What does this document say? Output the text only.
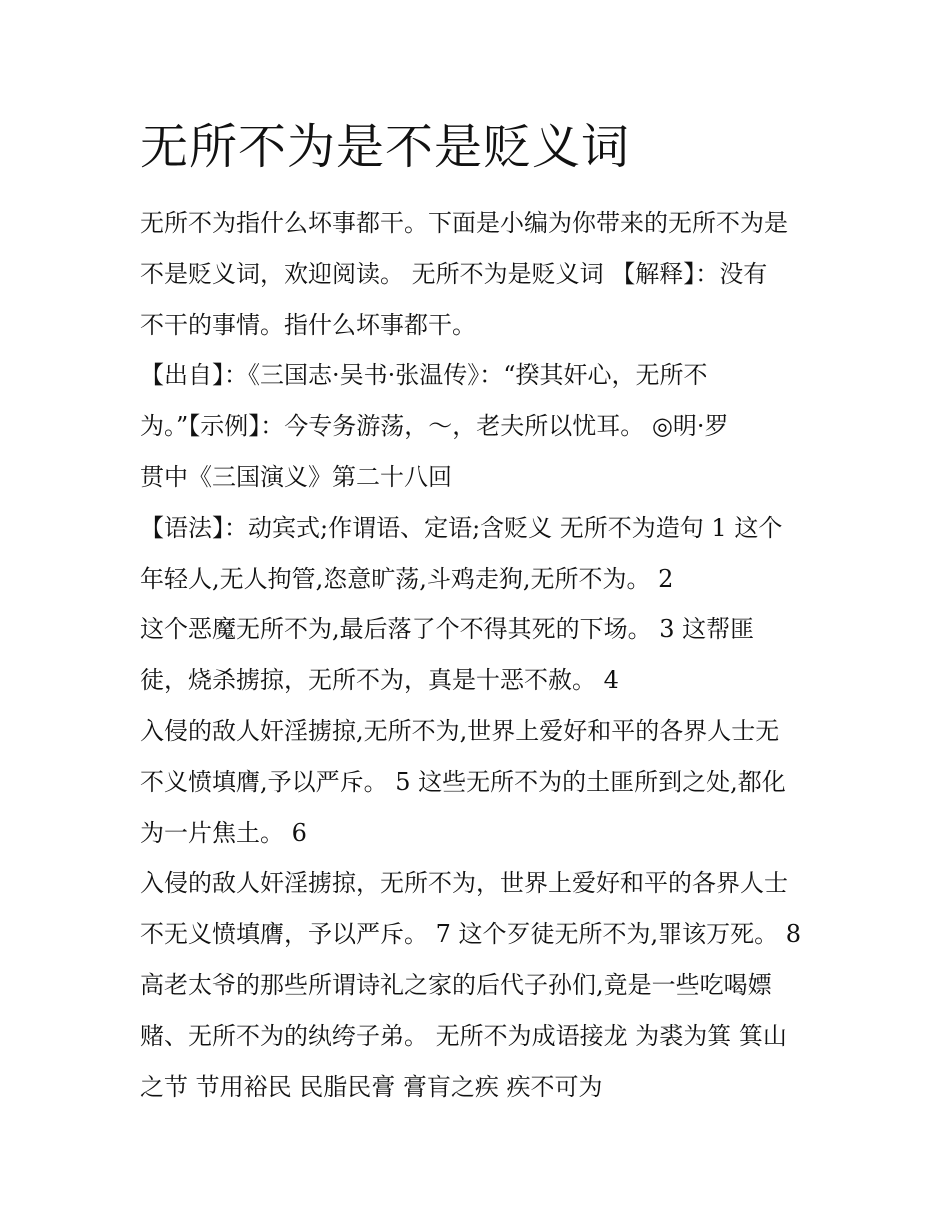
无所不为是不是贬义词
无所不为指什么坏事都干。下面是小编为你带来的无所不为是
不是贬义词，欢迎阅读。 无所不为是贬义词 【解释】：没有
不干的事情。指什么坏事都干。
【出自】：《三国志·吴书·张温传》：“揆其奸心，无所不
为。”【示例】：今专务游荡，～，老夫所以忧耳。 ◎明·罗
贯中《三国演义》第二十八回
【语法】：动宾式;作谓语、定语;含贬义 无所不为造句 1 这个
年轻人,无人拘管,恣意旷荡,斗鸡走狗,无所不为。 2
这个恶魔无所不为,最后落了个不得其死的下场。 3 这帮匪
徒，烧杀掳掠，无所不为，真是十恶不赦。 4
入侵的敌人奸淫掳掠,无所不为,世界上爱好和平的各界人士无
不义愤填膺,予以严斥。 5 这些无所不为的土匪所到之处,都化
为一片焦土。 6
入侵的敌人奸淫掳掠，无所不为，世界上爱好和平的各界人士
不无义愤填膺，予以严斥。 7 这个歹徒无所不为,罪该万死。 8
高老太爷的那些所谓诗礼之家的后代子孙们,竟是一些吃喝嫖
赌、无所不为的纨绔子弟。 无所不为成语接龙 为裘为箕 箕山
之节 节用裕民 民脂民膏 膏肓之疾 疾不可为
